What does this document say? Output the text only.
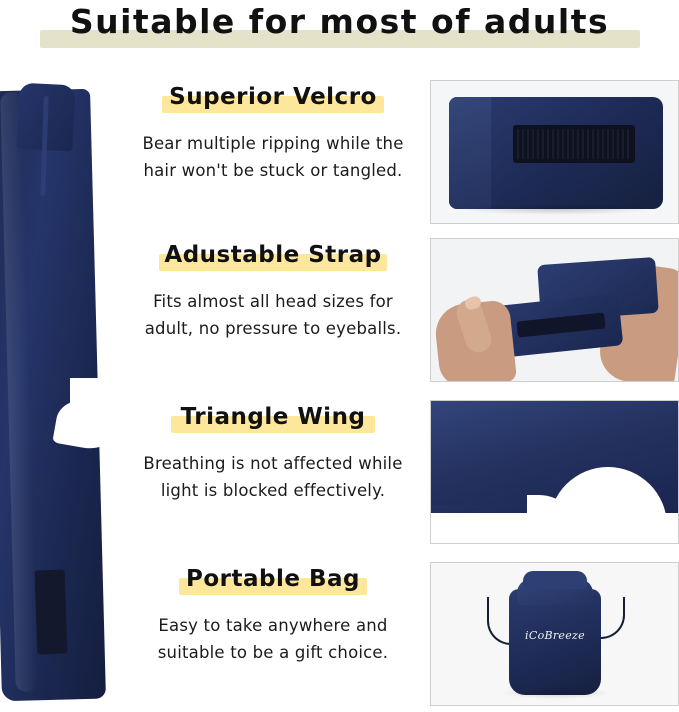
Suitable for most of adults
Superior Velcro
Bear multiple ripping while the
hair won't be stuck or tangled.
Adustable Strap
Fits almost all head sizes for
adult, no pressure to eyeballs.
Triangle Wing
Breathing is not affected while
light is blocked effectively.
Portable Bag
Easy to take anywhere and
suitable to be a gift choice.
iCoBreeze
